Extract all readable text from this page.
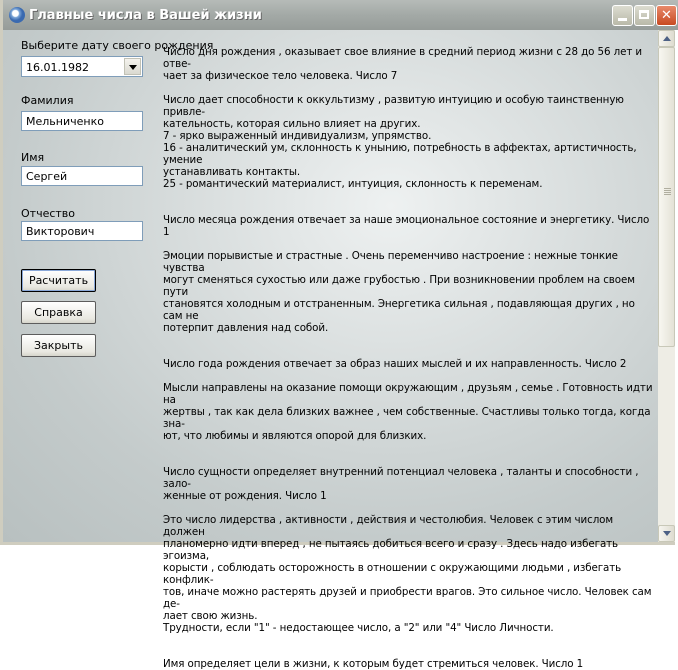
Главные числа в Вашей жизни	✕
Выберите дату своего рождения
16.01.1982
Фамилия
Мельниченко
Имя
Сергей
Отчество
Викторович
Расчитать
Справка
Закрыть

Число дня рождения , оказывает свое влияние в средний период жизни с 28 до 56 лет и отве-
чает за физическое тело человека. Число 7

Число дает способности к оккультизму , развитую интуицию и особую таинственную привле-
кательность, которая сильно влияет на других.
7 - ярко выраженный индивидуализм, упрямство.
16 - аналитический ум, склонность к унынию, потребность в аффектах, артистичность, умение
устанавливать контакты.
25 - романтический материалист, интуиция, склонность к переменам.

Число месяца рождения отвечает за наше эмоциональное состояние и энергетику. Число 1

Эмоции порывистые и страстные . Очень переменчиво настроение : нежные тонкие чувства
могут сменяться сухостью или даже грубостью . При возникновении проблем на своем пути
становятся холодным и отстраненным. Энергетика сильная , подавляющая других , но сам не
потерпит давления над собой.

Число года рождения отвечает за образ наших мыслей и их направленность. Число 2

Мысли направлены на оказание помощи окружающим , друзьям , семье . Готовность идти на
жертвы , так как дела близких важнее , чем собственные. Счастливы только тогда, когда зна-
ют, что любимы и являются опорой для близких.

Число сущности определяет внутренний потенциал человека , таланты и способности , зало-
женные от рождения. Число 1

Это число лидерства , активности , действия и честолюбия. Человек с этим числом должен
планомерно идти вперед , не пытаясь добиться всего и сразу . Здесь надо избегать эгоизма,
корысти , соблюдать осторожность в отношении с окружающими людьми , избегать конфлик-
тов, иначе можно растерять друзей и приобрести врагов. Это сильное число. Человек сам де-
лает свою жизнь.
Трудности, если "1" - недостающее число, а "2" или "4" Число Личности.

Имя определяет цели в жизни, к которым будет стремиться человек. Число 1
